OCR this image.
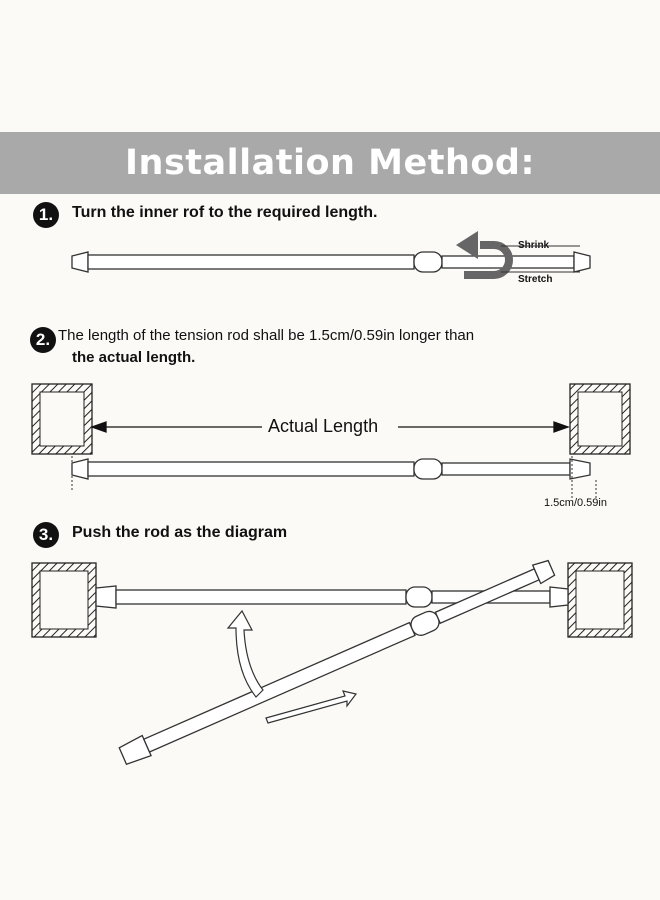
Installation Method:
1.	Turn the inner rof to the required length.
Shrink
Stretch
2. The length of the tension rod shall be 1.5cm/0.59in longer than
the actual length.
Actual Length
1.5cm/0.59in
3.	Push the rod as the diagram
